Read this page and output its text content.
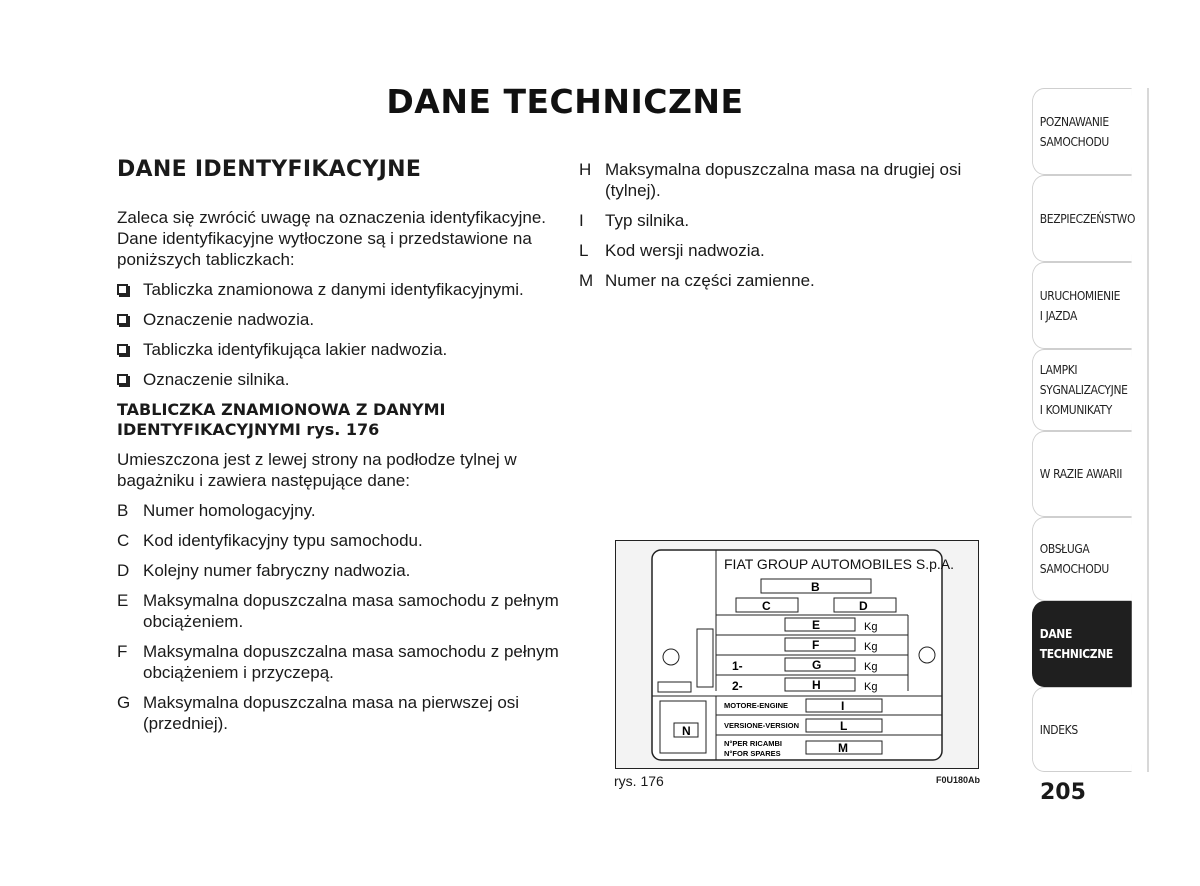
DANE TECHNICZNE
DANE IDENTYFIKACYJNE

Zaleca się zwrócić uwagę na oznaczenia identyfikacyjne. Dane identyfikacyjne wytłoczone są i przedstawione na poniższych tabliczkach:

Tabliczka znamionowa z danymi identyfikacyjnymi.
Oznaczenie nadwozia.
Tabliczka identyfikująca lakier nadwozia.
Oznaczenie silnika.
TABLICZKA ZNAMIONOWA Z DANYMI IDENTYFIKACYJNYMI rys. 176

Umieszczona jest z lewej strony na podłodze tylnej w bagażniku i zawiera następujące dane:

B Numer homologacyjny.
C Kod identyfikacyjny typu samochodu.
D Kolejny numer fabryczny nadwozia.
E Maksymalna dopuszczalna masa samochodu z pełnym obciążeniem.
F Maksymalna dopuszczalna masa samochodu z pełnym obciążeniem i przyczepą.
G Maksymalna dopuszczalna masa na pierwszej osi (przedniej).
H Maksymalna dopuszczalna masa na drugiej osi (tylnej).
I Typ silnika.
L Kod wersji nadwozia.
M Numer na części zamienne.
FIAT GROUP AUTOMOBILES S.p.A.
B
C	D
E	Kg
F	Kg
1-	G	Kg
2-	H	Kg
N
MOTORE-ENGINE	I
VERSIONE-VERSION	L
N°PER RICAMBI
N°FOR SPARES	M
rys. 176	F0U180Ab
POZNAWANIE
SAMOCHODU
BEZPIECZEŃSTWO
URUCHOMIENIE
I JAZDA
LAMPKI
SYGNALIZACYJNE
I KOMUNIKATY
W RAZIE AWARII
OBSŁUGA
SAMOCHODU
DANE
TECHNICZNE
INDEKS
205
